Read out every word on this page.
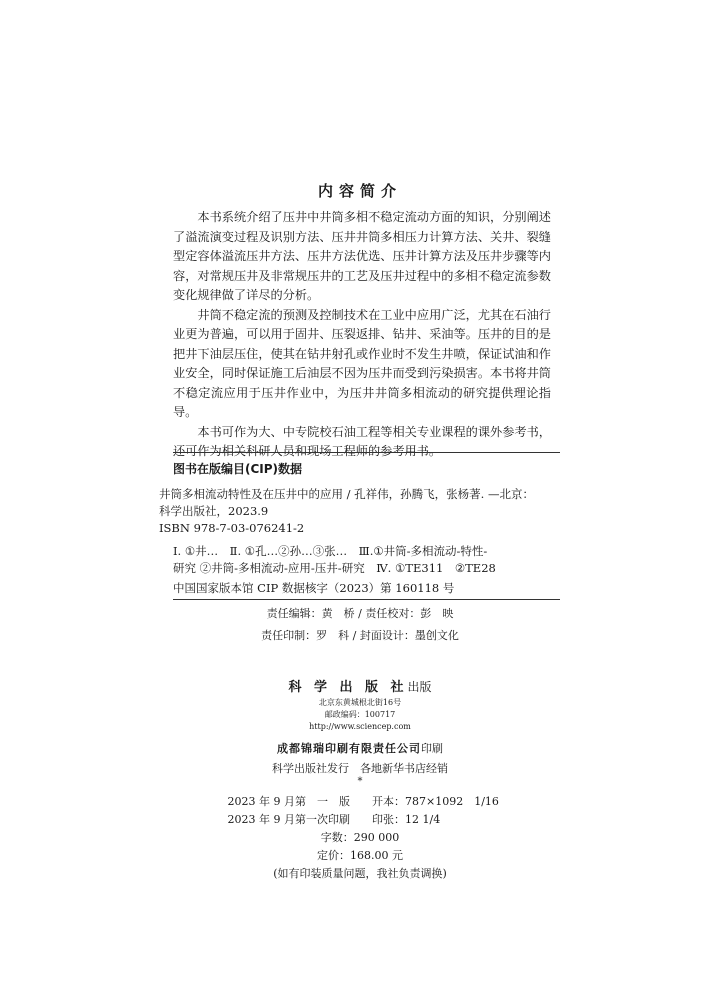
内容简介

本书系统介绍了压井中井筒多相不稳定流动方面的知识，分别阐述了溢流演变过程及识别方法、压井井筒多相压力计算方法、关井、裂缝型定容体溢流压井方法、压井方法优选、压井计算方法及压井步骤等内容，对常规压井及非常规压井的工艺及压井过程中的多相不稳定流参数变化规律做了详尽的分析。

井筒不稳定流的预测及控制技术在工业中应用广泛，尤其在石油行业更为普遍，可以用于固井、压裂返排、钻井、采油等。压井的目的是把井下油层压住，使其在钻井射孔或作业时不发生井喷，保证试油和作业安全，同时保证施工后油层不因为压井而受到污染损害。本书将井筒不稳定流应用于压井作业中，为压井井筒多相流动的研究提供理论指导。

本书可作为大、中专院校石油工程等相关专业课程的课外参考书，还可作为相关科研人员和现场工程师的参考用书。

图书在版编目(CIP)数据
井筒多相流动特性及在压井中的应用 / 孔祥伟，孙腾飞，张杨著. —北京：
科学出版社，2023.9
ISBN 978-7-03-076241-2
Ⅰ. ①井…　Ⅱ. ①孔…②孙…③张…　Ⅲ.①井筒-多相流动-特性-
研究 ②井筒-多相流动-应用-压井-研究　Ⅳ. ①TE311　②TE28
中国国家版本馆 CIP 数据核字（2023）第 160118 号
责任编辑：黄　桥 / 责任校对：彭　映
责任印制：罗　科 / 封面设计：墨创文化
科 学 出 版 社出版
北京东黄城根北街16号
邮政编码：100717
http://www.sciencep.com
成都锦瑞印刷有限责任公司印刷
科学出版社发行　各地新华书店经销
*
2023 年 9 月第　一　版	开本：787×1092　1/16
2023 年 9 月第一次印刷	印张：12 1/4
字数：290 000
定价：168.00 元
(如有印装质量问题，我社负责调换)
